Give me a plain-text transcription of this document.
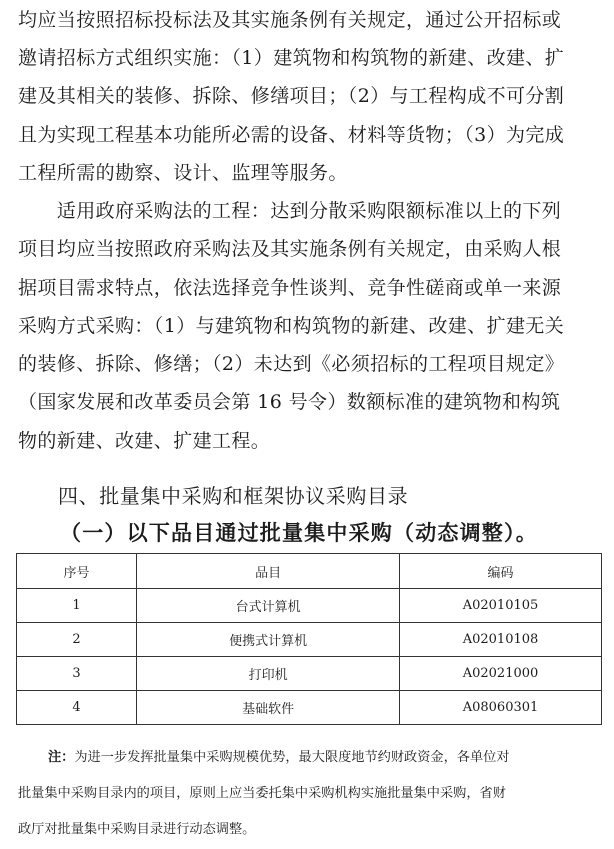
均应当按照招标投标法及其实施条例有关规定，通过公开招标或
邀请招标方式组织实施：（1）建筑物和构筑物的新建、改建、扩
建及其相关的装修、拆除、修缮项目；（2）与工程构成不可分割
且为实现工程基本功能所必需的设备、材料等货物；（3）为完成
工程所需的勘察、设计、监理等服务。
　　适用政府采购法的工程：达到分散采购限额标准以上的下列
项目均应当按照政府采购法及其实施条例有关规定，由采购人根
据项目需求特点，依法选择竞争性谈判、竞争性磋商或单一来源
采购方式采购：（1）与建筑物和构筑物的新建、改建、扩建无关
的装修、拆除、修缮；（2）未达到《必须招标的工程项目规定》
（国家发展和改革委员会第 16 号令）数额标准的建筑物和构筑
物的新建、改建、扩建工程。
四、批量集中采购和框架协议采购目录
（一）以下品目通过批量集中采购（动态调整）。
序号	品目	编码
1	台式计算机	A02010105
2	便携式计算机	A02010108
3	打印机	A02021000
4	基础软件	A08060301
注：为进一步发挥批量集中采购规模优势，最大限度地节约财政资金，各单位对
批量集中采购目录内的项目，原则上应当委托集中采购机构实施批量集中采购，省财
政厅对批量集中采购目录进行动态调整。
